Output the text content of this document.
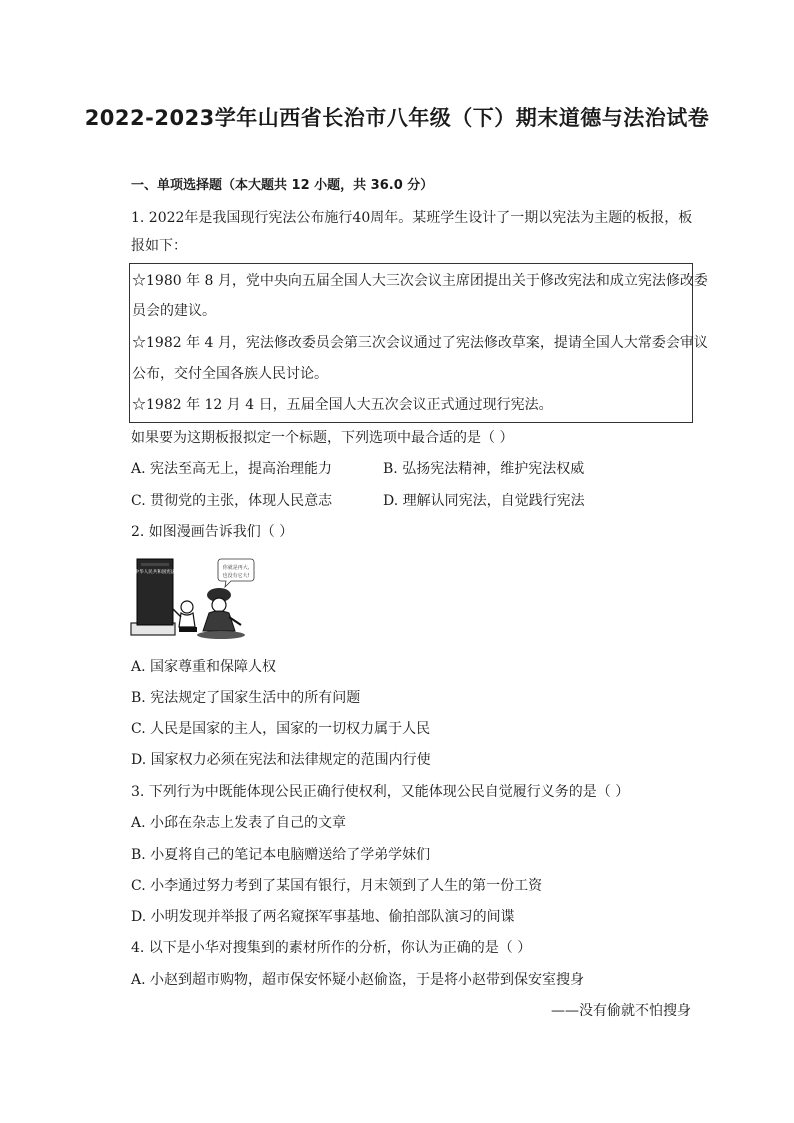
2022-2023学年山西省长治市八年级（下）期末道德与法治试卷
一、单项选择题（本大题共 12 小题，共 36.0 分）
1. 2022年是我国现行宪法公布施行40周年。某班学生设计了一期以宪法为主题的板报，板
报如下：
☆1980 年 8 月，党中央向五届全国人大三次会议主席团提出关于修改宪法和成立宪法修改委
员会的建议。
☆1982 年 4 月，宪法修改委员会第三次会议通过了宪法修改草案，提请全国人大常委会审议
公布，交付全国各族人民讨论。
☆1982 年 12 月 4 日，五届全国人大五次会议正式通过现行宪法。
如果要为这期板报拟定一个标题，下列选项中最合适的是（ ）
A. 宪法至高无上，提高治理能力	B. 弘扬宪法精神，维护宪法权威
C. 贯彻党的主张，体现人民意志	D. 理解认同宪法，自觉践行宪法
2. 如图漫画告诉我们（ ）
中华人民共和国宪法
你就是再大,
也没有它大!
A. 国家尊重和保障人权
B. 宪法规定了国家生活中的所有问题
C. 人民是国家的主人，国家的一切权力属于人民
D. 国家权力必须在宪法和法律规定的范围内行使
3. 下列行为中既能体现公民正确行使权利，又能体现公民自觉履行义务的是（ ）
A. 小邱在杂志上发表了自己的文章
B. 小夏将自己的笔记本电脑赠送给了学弟学妹们
C. 小李通过努力考到了某国有银行，月末领到了人生的第一份工资
D. 小明发现并举报了两名窥探军事基地、偷拍部队演习的间谍
4. 以下是小华对搜集到的素材所作的分析，你认为正确的是（ ）
A. 小赵到超市购物，超市保安怀疑小赵偷盗，于是将小赵带到保安室搜身
——没有偷就不怕搜身
